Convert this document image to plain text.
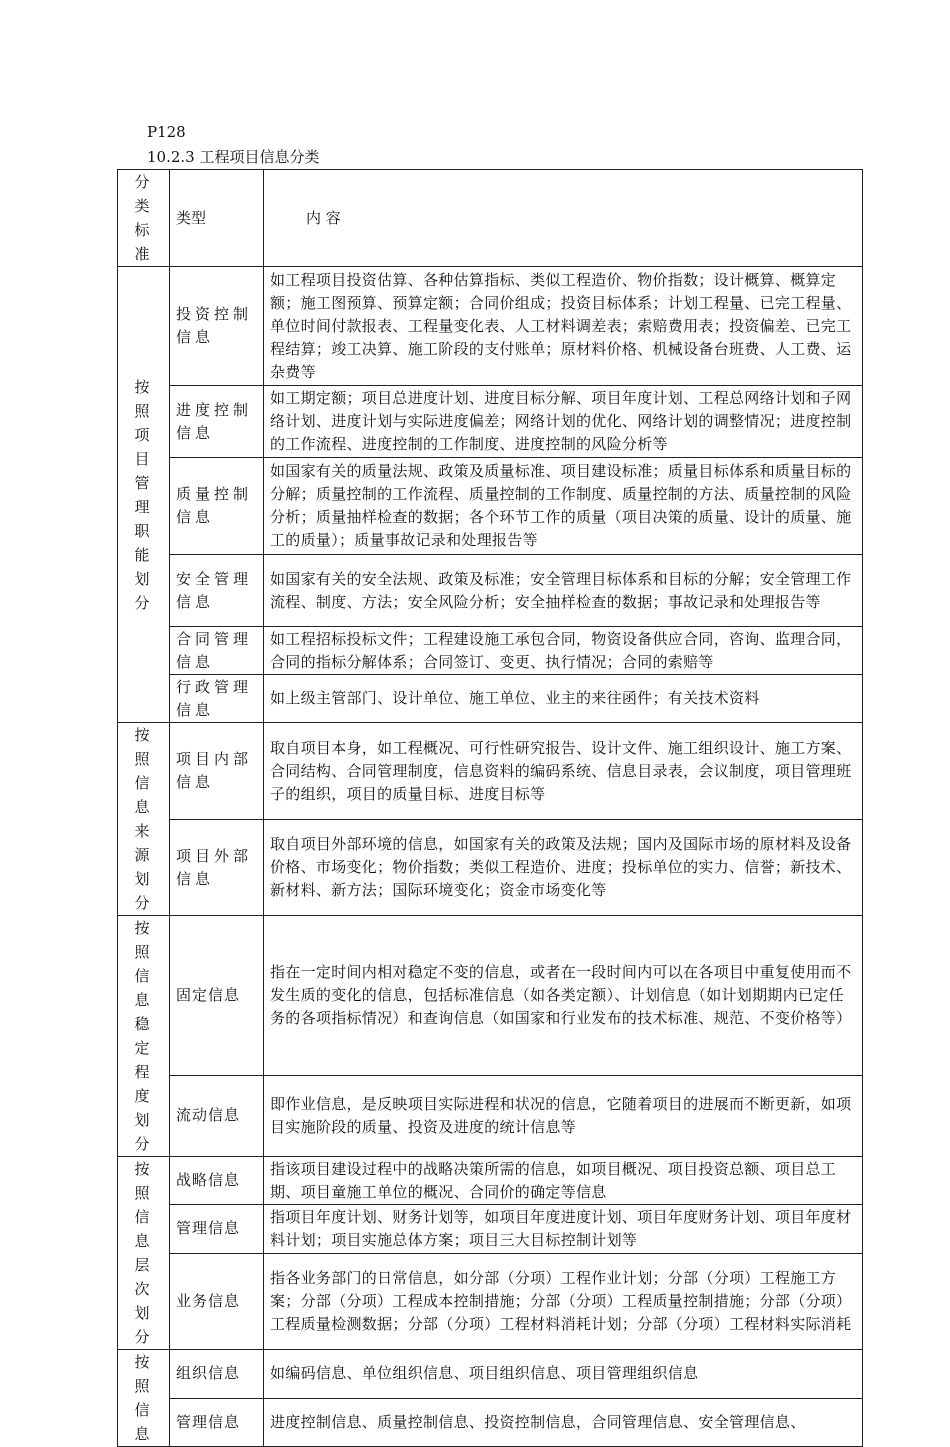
P128
10.2.3 工程项目信息分类
分类标准	类型	内 容

按照项目管理职能划分	投资控制信息	如工程项目投资估算、各种估算指标、类似工程造价、物价指数；设计概算、概算定额；施工图预算、预算定额；合同价组成；投资目标体系；计划工程量、已完工程量、单位时间付款报表、工程量变化表、人工材料调差表；索赔费用表；投资偏差、已完工程结算；竣工决算、施工阶段的支付账单；原材料价格、机械设备台班费、人工费、运杂费等
	进度控制信息	如工期定额；项目总进度计划、进度目标分解、项目年度计划、工程总网络计划和子网络计划、进度计划与实际进度偏差；网络计划的优化、网络计划的调整情况；进度控制的工作流程、进度控制的工作制度、进度控制的风险分析等
	质量控制信息	如国家有关的质量法规、政策及质量标准、项目建设标准；质量目标体系和质量目标的分解；质量控制的工作流程、质量控制的工作制度、质量控制的方法、质量控制的风险分析；质量抽样检查的数据；各个环节工作的质量（项目决策的质量、设计的质量、施工的质量）；质量事故记录和处理报告等
	安全管理信息	如国家有关的安全法规、政策及标准；安全管理目标体系和目标的分解；安全管理工作流程、制度、方法；安全风险分析；安全抽样检查的数据；事故记录和处理报告等
	合同管理信息	如工程招标投标文件；工程建设施工承包合同，物资设备供应合同，咨询、监理合同，合同的指标分解体系；合同签订、变更、执行情况；合同的索赔等
	行政管理信息	如上级主管部门、设计单位、施工单位、业主的来往函件；有关技术资料

按照信息来源划分	项目内部信息	取自项目本身，如工程概况、可行性研究报告、设计文件、施工组织设计、施工方案、合同结构、合同管理制度，信息资料的编码系统、信息目录表，会议制度，项目管理班子的组织，项目的质量目标、进度目标等
	项目外部信息	取自项目外部环境的信息，如国家有关的政策及法规；国内及国际市场的原材料及设备价格、市场变化；物价指数；类似工程造价、进度；投标单位的实力、信誉；新技术、新材料、新方法；国际环境变化；资金市场变化等

按照信息稳定程度划分	固定信息	指在一定时间内相对稳定不变的信息，或者在一段时间内可以在各项目中重复使用而不发生质的变化的信息，包括标准信息（如各类定额）、计划信息（如计划期期内已定任务的各项指标情况）和查询信息（如国家和行业发布的技术标准、规范、不变价格等）
	流动信息	即作业信息，是反映项目实际进程和状况的信息，它随着项目的进展而不断更新，如项目实施阶段的质量、投资及进度的统计信息等

按照信息层次划分	战略信息	指该项目建设过程中的战略决策所需的信息，如项目概况、项目投资总额、项目总工期、项目童施工单位的概况、合同价的确定等信息
	管理信息	指项目年度计划、财务计划等，如项目年度进度计划、项目年度财务计划、项目年度材料计划；项目实施总体方案；项目三大目标控制计划等
	业务信息	指各业务部门的日常信息，如分部（分项）工程作业计划；分部（分项）工程施工方案；分部（分项）工程成本控制措施；分部（分项）工程质量控制措施；分部（分项）工程质量检测数据；分部（分项）工程材料消耗计划；分部（分项）工程材料实际消耗

按照信息	组织信息	如编码信息、单位组织信息、项目组织信息、项目管理组织信息
	管理信息	进度控制信息、质量控制信息、投资控制信息，合同管理信息、安全管理信息、
